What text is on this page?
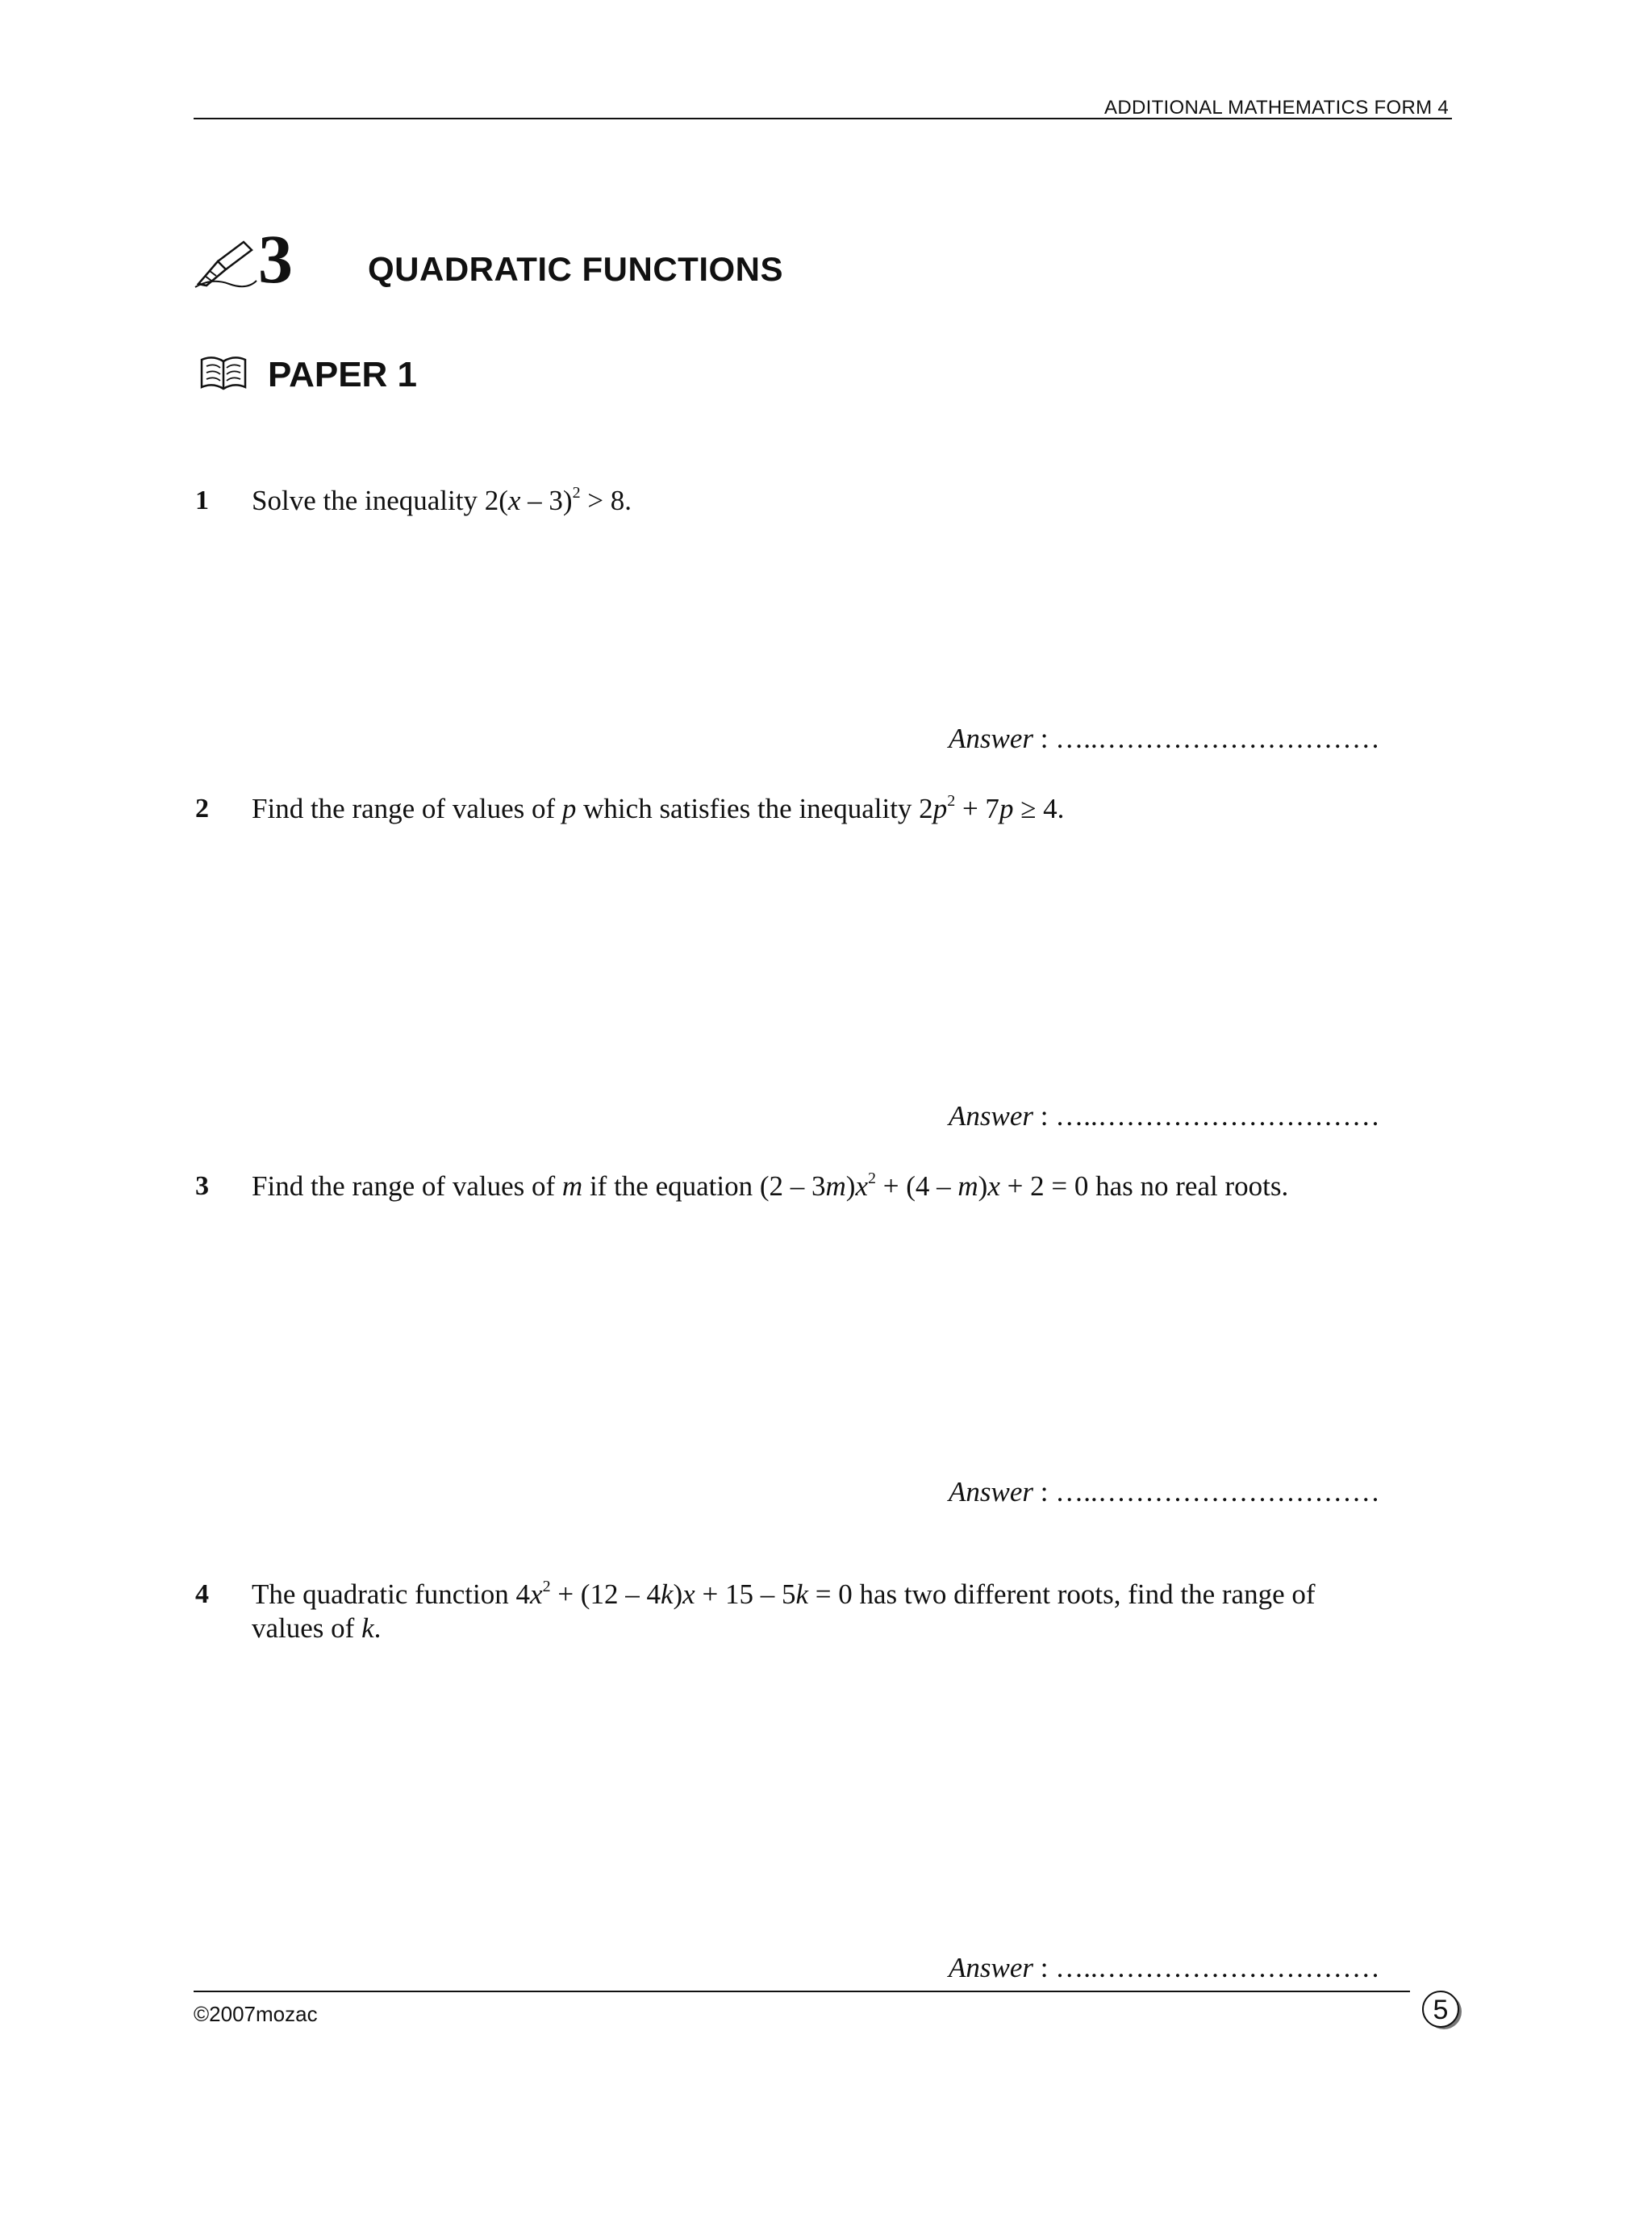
ADDITIONAL MATHEMATICS FORM 4
3 QUADRATIC FUNCTIONS
PAPER 1
1 Solve the inequality 2(x – 3)$^2$ > 8.
Answer : …..…………………………
2 Find the range of values of p which satisfies the inequality $2p^2 + 7p \ge 4$.
Answer : …..…………………………
3 Find the range of values of m if the equation $(2 - 3m)x^2 + (4 - m)x + 2 = 0$ has no real roots.
Answer : …..…………………………
4 The quadratic function $4x^2 + (12 - 4k)x + 15 - 5k = 0$ has two different roots, find the range of
values of k.
Answer : …..…………………………
©2007mozac	5
